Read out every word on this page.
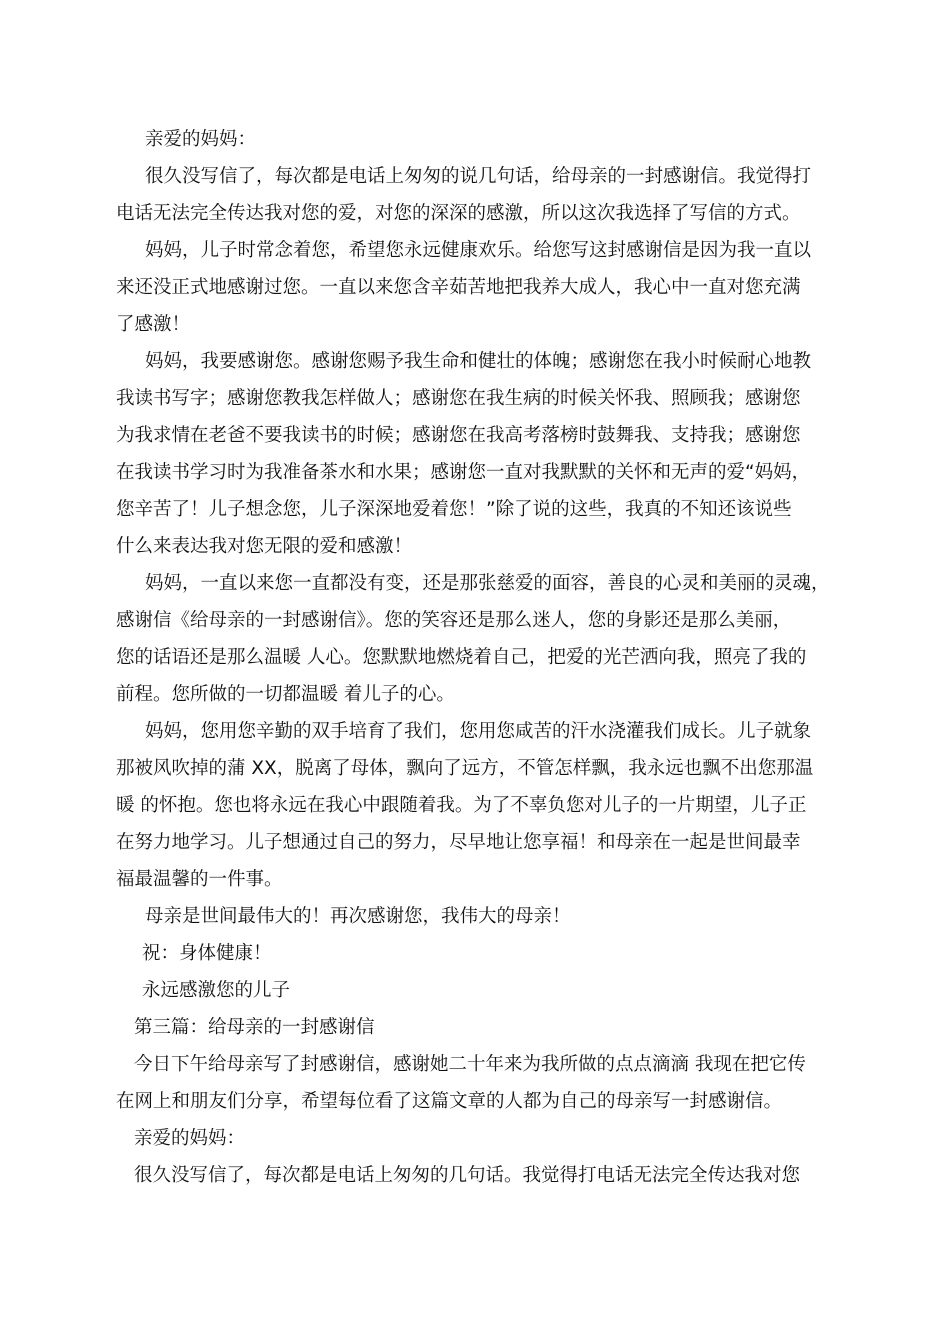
亲爱的妈妈：
很久没写信了，每次都是电话上匆匆的说几句话，给母亲的一封感谢信。我觉得打
电话无法完全传达我对您的爱，对您的深深的感激，所以这次我选择了写信的方式。
妈妈，儿子时常念着您，希望您永远健康欢乐。给您写这封感谢信是因为我一直以
来还没正式地感谢过您。一直以来您含辛茹苦地把我养大成人，我心中一直对您充满
了感激！
妈妈，我要感谢您。感谢您赐予我生命和健壮的体魄；感谢您在我小时候耐心地教
我读书写字；感谢您教我怎样做人；感谢您在我生病的时候关怀我、照顾我；感谢您
为我求情在老爸不要我读书的时候；感谢您在我高考落榜时鼓舞我、支持我；感谢您
在我读书学习时为我准备茶水和水果；感谢您一直对我默默的关怀和无声的爱“妈妈，
您辛苦了！儿子想念您，儿子深深地爱着您！”除了说的这些，我真的不知还该说些
什么来表达我对您无限的爱和感激！
妈妈，一直以来您一直都没有变，还是那张慈爱的面容，善良的心灵和美丽的灵魂，
感谢信《给母亲的一封感谢信》。您的笑容还是那么迷人，您的身影还是那么美丽，
您的话语还是那么温暖 人心。您默默地燃烧着自己，把爱的光芒洒向我，照亮了我的
前程。您所做的一切都温暖 着儿子的心。
妈妈，您用您辛勤的双手培育了我们，您用您咸苦的汗水浇灌我们成长。儿子就象
那被风吹掉的蒲 XX，脱离了母体，飘向了远方，不管怎样飘，我永远也飘不出您那温
暖 的怀抱。您也将永远在我心中跟随着我。为了不辜负您对儿子的一片期望，儿子正
在努力地学习。儿子想通过自己的努力，尽早地让您享福！和母亲在一起是世间最幸
福最温馨的一件事。
母亲是世间最伟大的！再次感谢您，我伟大的母亲！
祝：身体健康！
永远感激您的儿子
第三篇：给母亲的一封感谢信
今日下午给母亲写了封感谢信，感谢她二十年来为我所做的点点滴滴 我现在把它传
在网上和朋友们分享，希望每位看了这篇文章的人都为自己的母亲写一封感谢信。
亲爱的妈妈：
很久没写信了，每次都是电话上匆匆的几句话。我觉得打电话无法完全传达我对您
